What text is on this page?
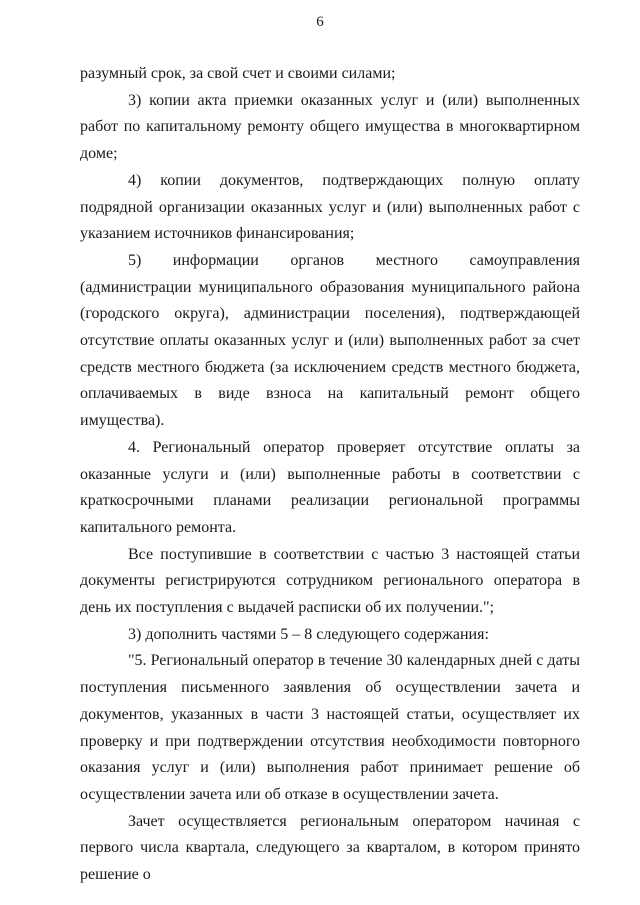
6

разумный срок, за свой счет и своими силами;

3) копии акта приемки оказанных услуг и (или) выполненных работ по капитальному ремонту общего имущества в многоквартирном доме;

4) копии документов, подтверждающих полную оплату подрядной организации оказанных услуг и (или) выполненных работ с указанием источников финансирования;

5) информации органов местного самоуправления (администрации муниципального образования муниципального района (городского округа), администрации поселения), подтверждающей отсутствие оплаты оказанных услуг и (или) выполненных работ за счет средств местного бюджета (за исключением средств местного бюджета, оплачиваемых в виде взноса на капитальный ремонт общего имущества).

4. Региональный оператор проверяет отсутствие оплаты за оказанные услуги и (или) выполненные работы в соответствии с краткосрочными планами реализации региональной программы капитального ремонта.

Все поступившие в соответствии с частью 3 настоящей статьи документы регистрируются сотрудником регионального оператора в день их поступления с выдачей расписки об их получении.";

3) дополнить частями 5 – 8 следующего содержания:

"5. Региональный оператор в течение 30 календарных дней с даты поступления письменного заявления об осуществлении зачета и документов, указанных в части 3 настоящей статьи, осуществляет их проверку и при подтверждении отсутствия необходимости повторного оказания услуг и (или) выполнения работ принимает решение об осуществлении зачета или об отказе в осуществлении зачета.

Зачет осуществляется региональным оператором начиная с первого числа квартала, следующего за кварталом, в котором принято решение о
